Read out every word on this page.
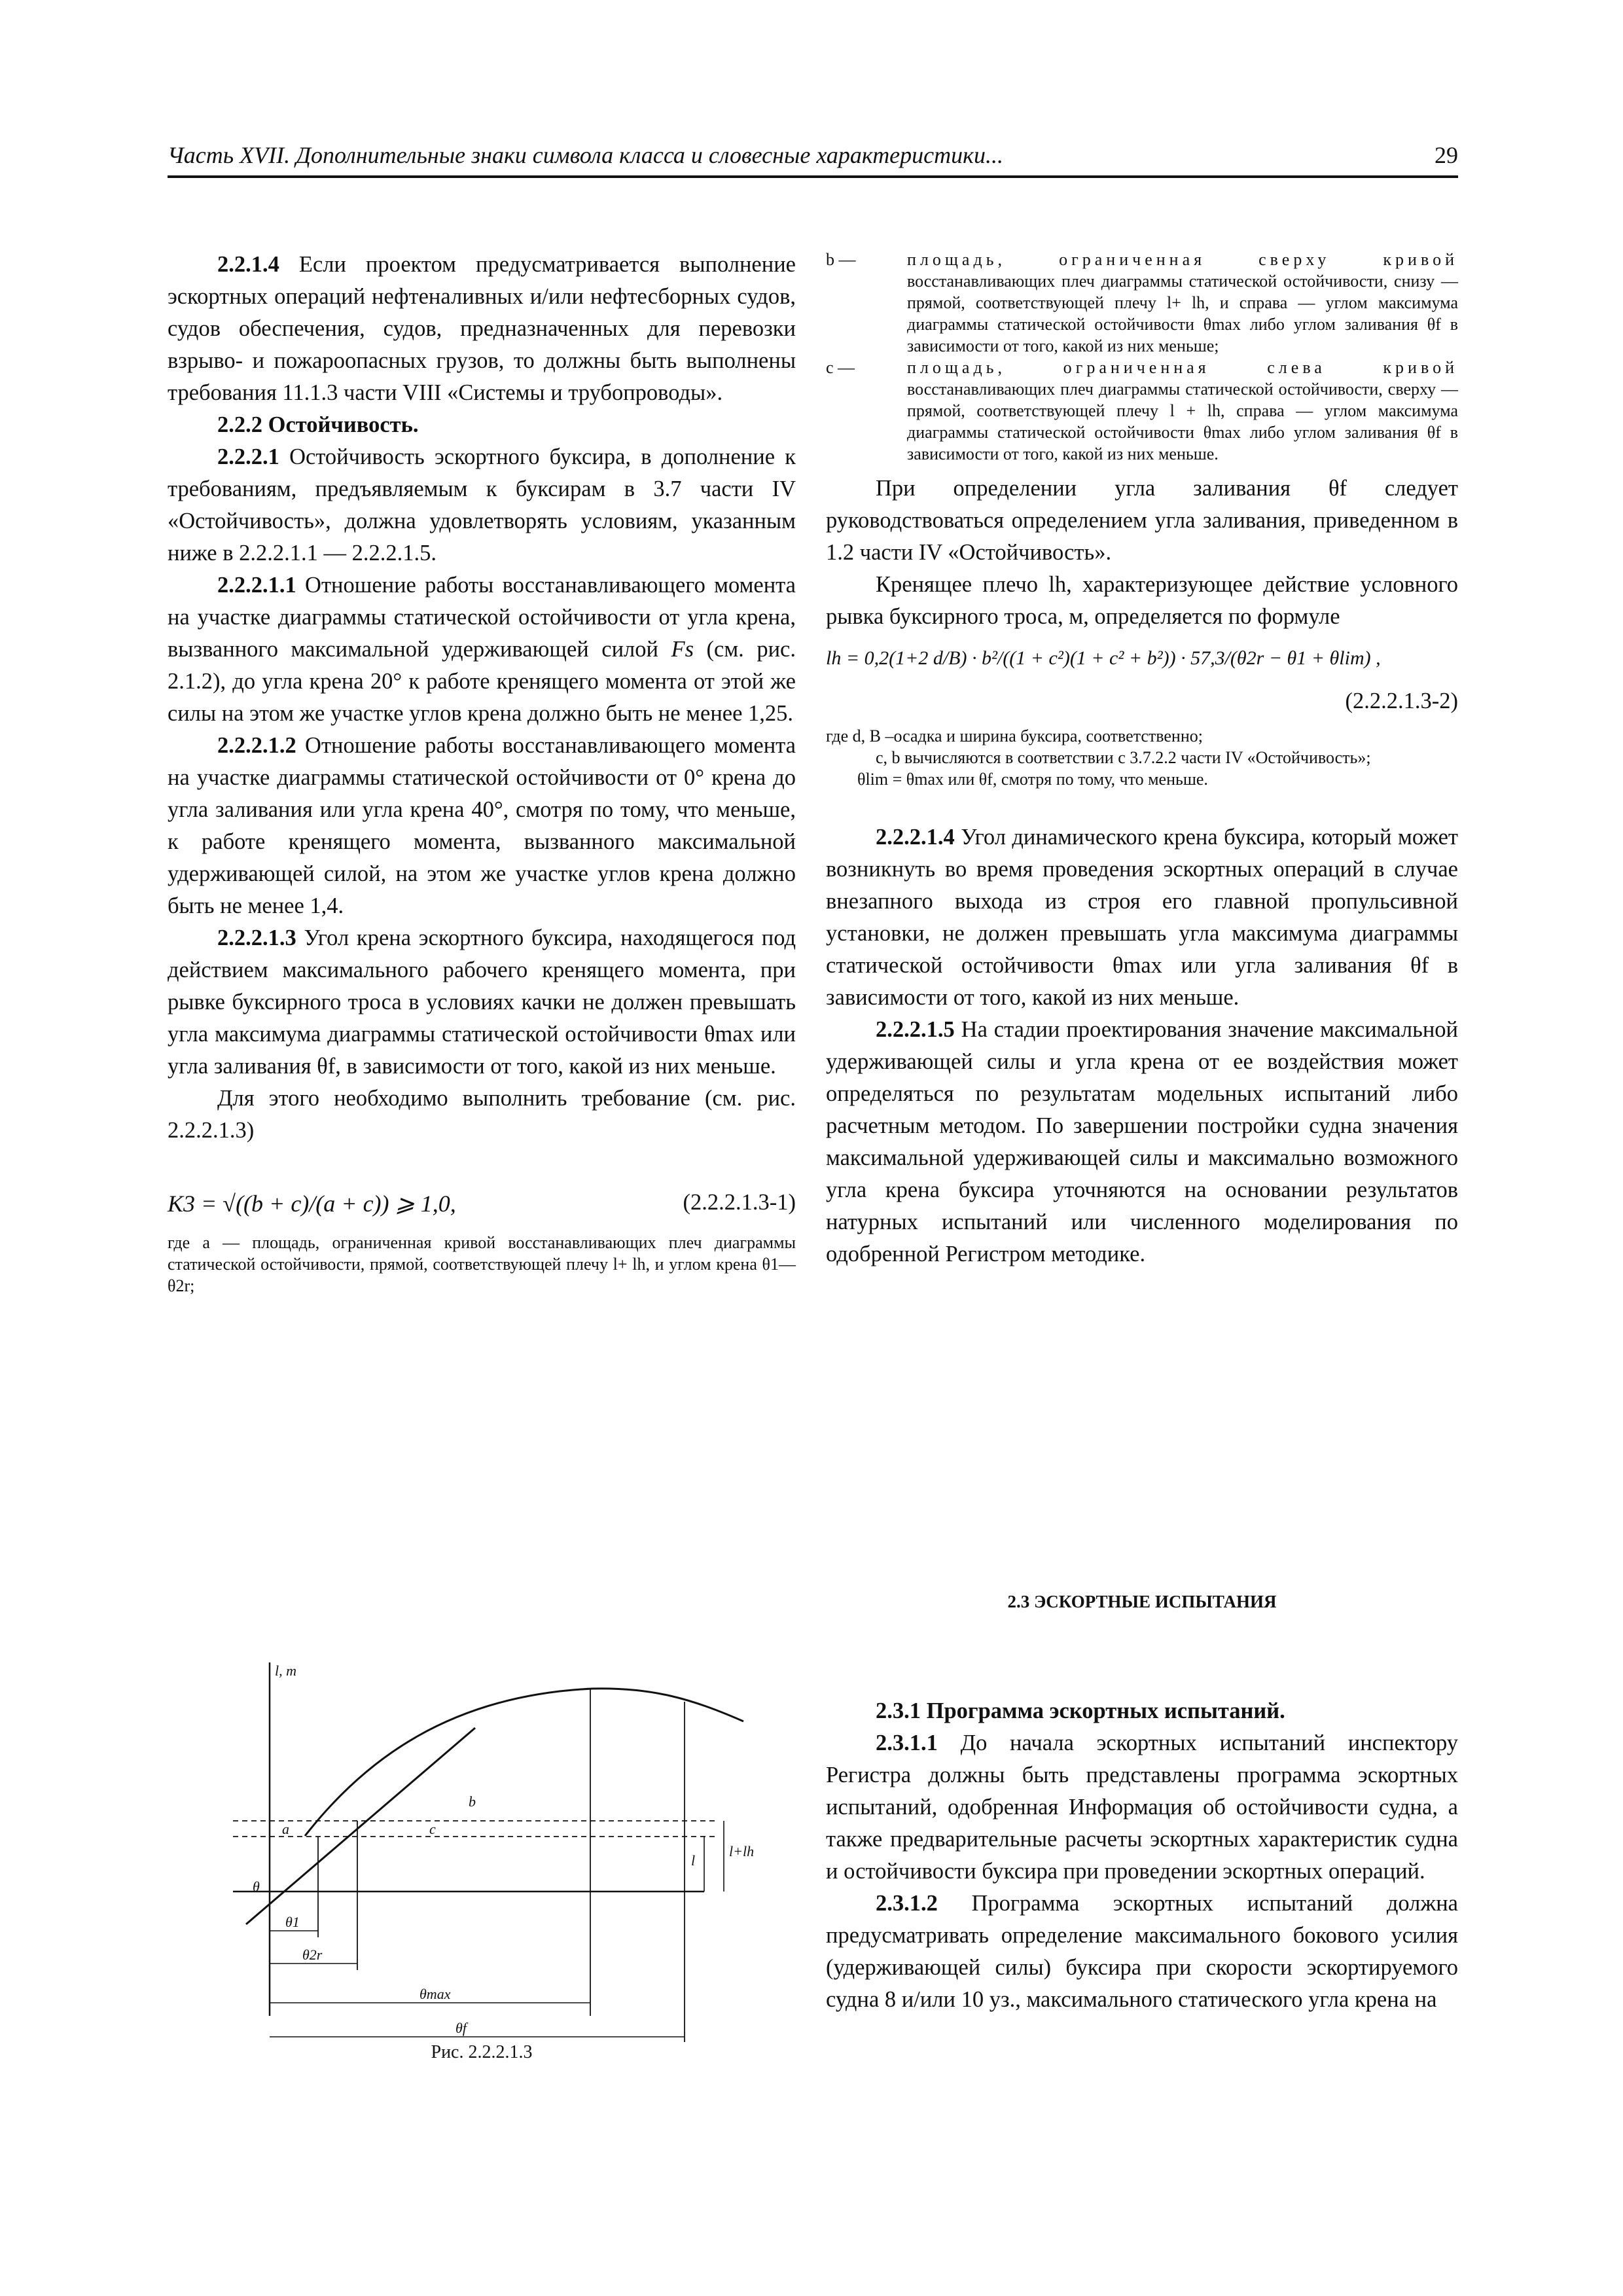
Часть XVII. Дополнительные знаки символа класса и словесные характеристики...	29

2.2.1.4 Если проектом предусматривается выполнение эскортных операций нефтеналивных и/или нефтесборных судов, судов обеспечения, судов, предназначенных для перевозки взрыво- и пожароопасных грузов, то должны быть выполнены требования 11.1.3 части VIII «Системы и трубопроводы».

2.2.2 Остойчивость.

2.2.2.1 Остойчивость эскортного буксира, в дополнение к требованиям, предъявляемым к буксирам в 3.7 части IV «Остойчивость», должна удовлетворять условиям, указанным ниже в 2.2.2.1.1 — 2.2.2.1.5.

2.2.2.1.1 Отношение работы восстанавливающего момента на участке диаграммы статической остойчивости от угла крена, вызванного максимальной удерживающей силой Fs (см. рис. 2.1.2), до угла крена 20° к работе кренящего момента от этой же силы на этом же участке углов крена должно быть не менее 1,25.

2.2.2.1.2 Отношение работы восстанавливающего момента на участке диаграммы статической остойчивости от 0° крена до угла заливания или угла крена 40°, смотря по тому, что меньше, к работе кренящего момента, вызванного максимальной удерживающей силой, на этом же участке углов крена должно быть не менее 1,4.

2.2.2.1.3 Угол крена эскортного буксира, находящегося под действием максимального рабочего кренящего момента, при рывке буксирного троса в условиях качки не должен превышать угла максимума диаграммы статической остойчивости θmax или угла заливания θf, в зависимости от того, какой из них меньше.

Для этого необходимо выполнить требование (см. рис. 2.2.2.1.3)

K3 = √((b + c)/(a + c)) ⩾ 1,0,	(2.2.2.1.3-1)

где a — площадь, ограниченная кривой восстанавливающих плеч диаграммы статической остойчивости, прямой, соответствующей плечу l+ lh, и углом крена θ1— θ2r;

l, m
b
a	c
l
l+lh
θ
θ1
θ2r
θmax
θf
Рис. 2.2.2.1.3
b —	площадь, ограниченная сверху кривой восстанавливающих плеч диаграммы статической остойчивости, снизу — прямой, соответствующей плечу l+ lh, и справа — углом максимума диаграммы статической остойчивости θmax либо углом заливания θf в зависимости от того, какой из них меньше;
c —	площадь, ограниченная слева кривой восстанавливающих плеч диаграммы статической остойчивости, сверху — прямой, соответствующей плечу l + lh, справа — углом максимума диаграммы статической остойчивости θmax либо углом заливания θf в зависимости от того, какой из них меньше.

При определении угла заливания θf следует руководствоваться определением угла заливания, приведенном в 1.2 части IV «Остойчивость».

Кренящее плечо lh, характеризующее действие условного рывка буксирного троса, м, определяется по формуле

lh = 0,2(1+2 d/B) · b²/((1 + c²)(1 + c² + b²)) · 57,3/(θ2r − θ1 + θlim) ,
(2.2.2.1.3-2)

где d, B –осадка и ширина буксира, соответственно;

c, b вычисляются в соответствии с 3.7.2.2 части IV «Остойчивость»;

θlim = θmax или θf, смотря по тому, что меньше.

2.2.2.1.4 Угол динамического крена буксира, который может возникнуть во время проведения эскортных операций в случае внезапного выхода из строя его главной пропульсивной установки, не должен превышать угла максимума диаграммы статической остойчивости θmax или угла заливания θf в зависимости от того, какой из них меньше.

2.2.2.1.5 На стадии проектирования значение максимальной удерживающей силы и угла крена от ее воздействия может определяться по результатам модельных испытаний либо расчетным методом. По завершении постройки судна значения максимальной удерживающей силы и максимально возможного угла крена буксира уточняются на основании результатов натурных испытаний или численного моделирования по одобренной Регистром методике.

2.3 ЭСКОРТНЫЕ ИСПЫТАНИЯ

2.3.1 Программа эскортных испытаний.

2.3.1.1 До начала эскортных испытаний инспектору Регистра должны быть представлены программа эскортных испытаний, одобренная Информация об остойчивости судна, а также предварительные расчеты эскортных характеристик судна и остойчивости буксира при проведении эскортных операций.

2.3.1.2 Программа эскортных испытаний должна предусматривать определение максимального бокового усилия (удерживающей силы) буксира при скорости эскортируемого судна 8 и/или 10 уз., максимального статического угла крена на
